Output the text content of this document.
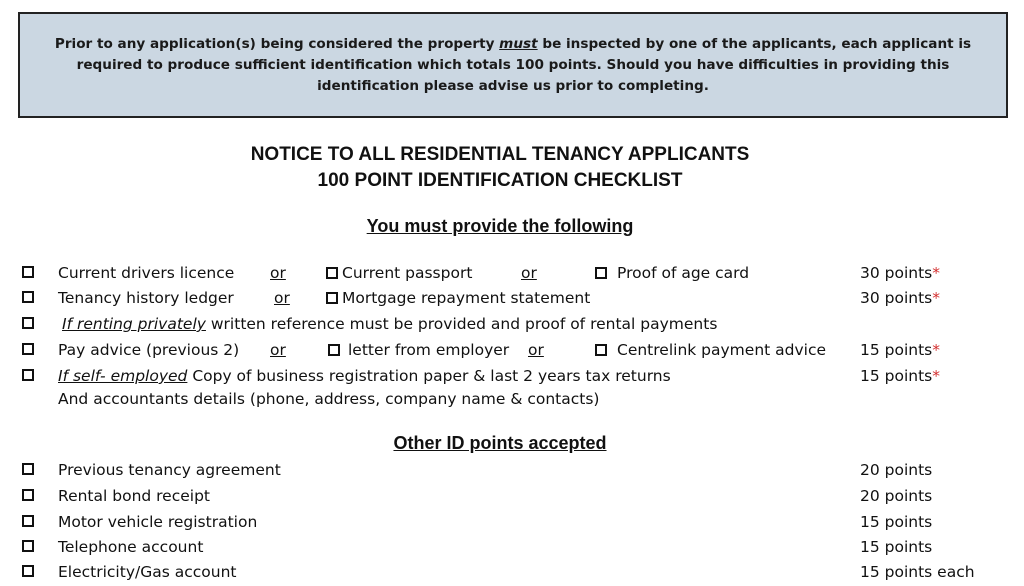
Prior to any application(s) being considered the property must be inspected by one of the applicants, each applicant is required to produce sufficient identification which totals 100 points. Should you have difficulties in providing this identification please advise us prior to completing.
NOTICE TO ALL RESIDENTIAL TENANCY APPLICANTS
100 POINT IDENTIFICATION CHECKLIST
You must provide the following
Current drivers licence or	Current passport	or	Proof of age card	30 points*
Tenancy history ledger	or	Mortgage repayment statement	30 points*
If renting privately written reference must be provided and proof of rental payments
Pay advice (previous 2) or	letter from employer or	Centrelink payment advice 15 points*
If self- employed Copy of business registration paper & last 2 years tax returns	15 points*
And accountants details (phone, address, company name & contacts)
Other ID points accepted
Previous tenancy agreement	20 points
Rental bond receipt	20 points
Motor vehicle registration	15 points
Telephone account	15 points
Electricity/Gas account	15 points each
